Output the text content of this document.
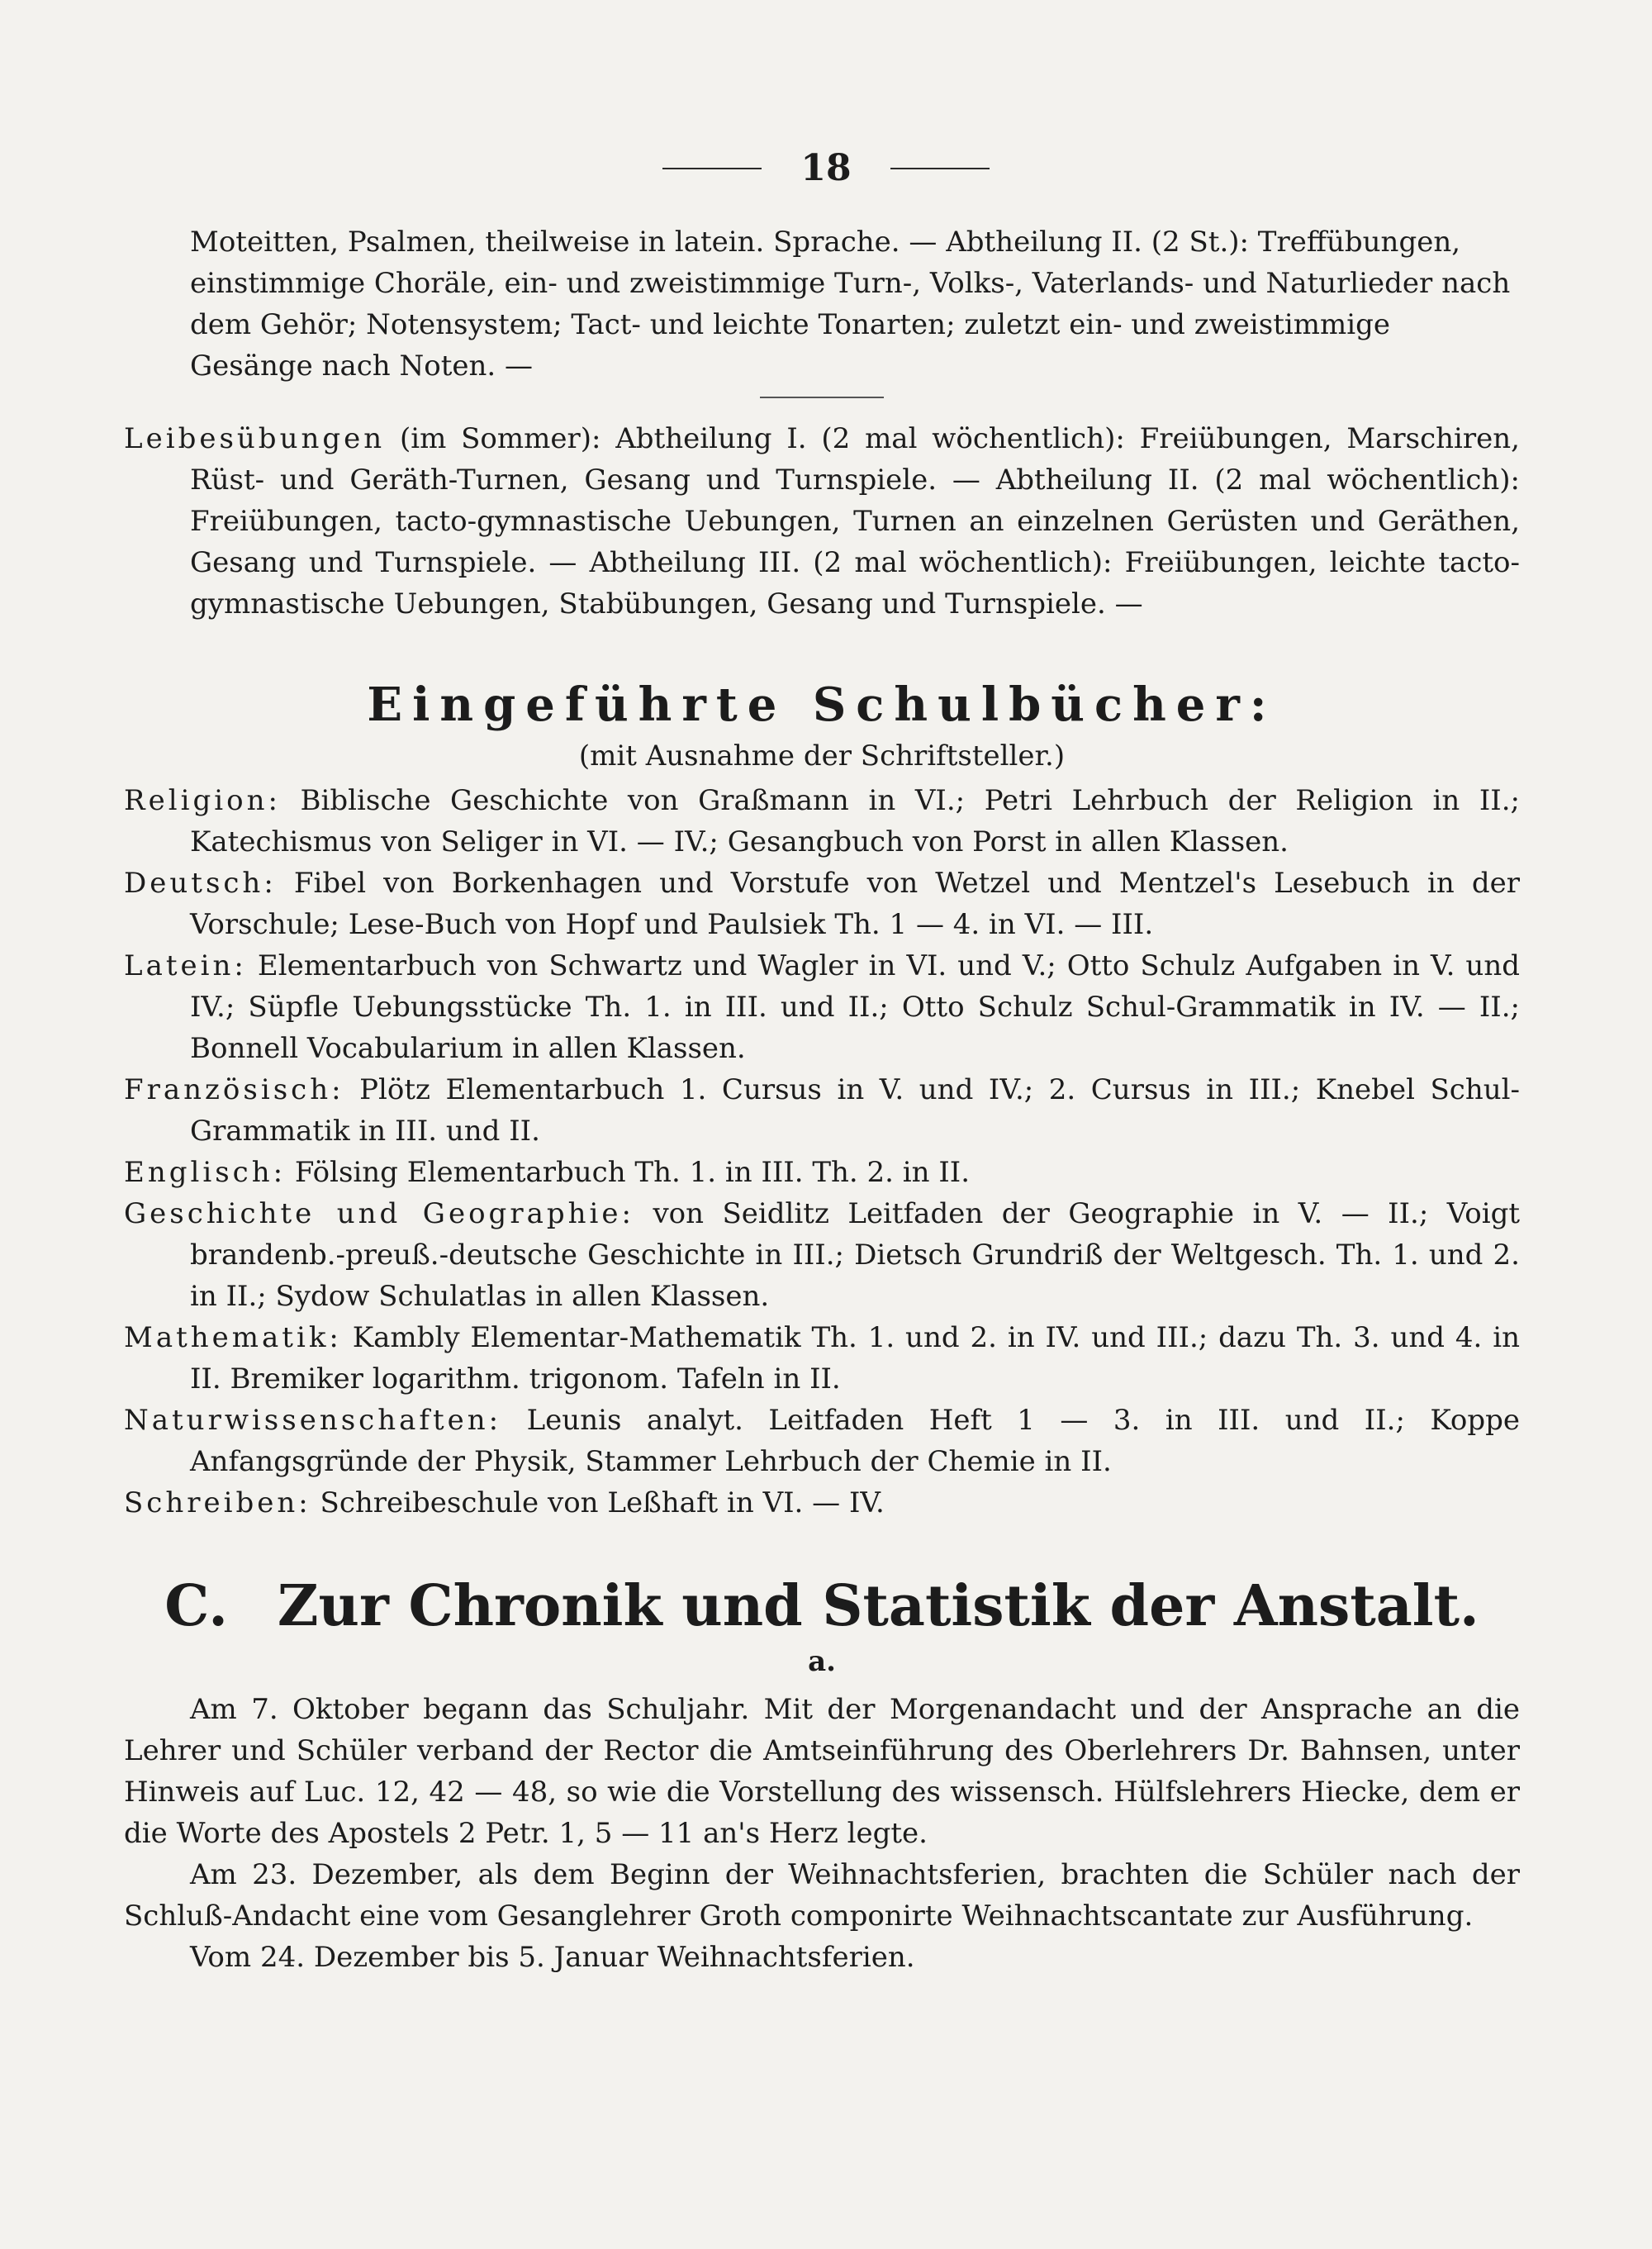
18

Moteitten, Psalmen, theilweise in latein. Sprache. — Abtheilung II. (2 St.): Treffübungen, einstimmige Choräle, ein- und zweistimmige Turn-, Volks-, Vaterlands- und Naturlieder nach dem Gehör; Notensystem; Tact- und leichte Tonarten; zuletzt ein- und zweistimmige Gesänge nach Noten. —

Leibesübungen (im Sommer): Abtheilung I. (2 mal wöchentlich): Freiübungen, Marschiren, Rüst- und Geräth-Turnen, Gesang und Turnspiele. — Abtheilung II. (2 mal wöchentlich): Freiübungen, tacto-gymnastische Uebungen, Turnen an einzelnen Gerüsten und Geräthen, Gesang und Turnspiele. — Abtheilung III. (2 mal wöchentlich): Freiübungen, leichte tacto-gymnastische Uebungen, Stabübungen, Gesang und Turnspiele. —

Eingeführte Schulbücher:
(mit Ausnahme der Schriftsteller.)

Religion: Biblische Geschichte von Graßmann in VI.; Petri Lehrbuch der Religion in II.; Katechismus von Seliger in VI. — IV.; Gesangbuch von Porst in allen Klassen.

Deutsch: Fibel von Borkenhagen und Vorstufe von Wetzel und Mentzel's Lesebuch in der Vorschule; Lese-Buch von Hopf und Paulsiek Th. 1 — 4. in VI. — III.

Latein: Elementarbuch von Schwartz und Wagler in VI. und V.; Otto Schulz Aufgaben in V. und IV.; Süpfle Uebungsstücke Th. 1. in III. und II.; Otto Schulz Schul-Grammatik in IV. — II.; Bonnell Vocabularium in allen Klassen.

Französisch: Plötz Elementarbuch 1. Cursus in V. und IV.; 2. Cursus in III.; Knebel Schul-Grammatik in III. und II.

Englisch: Fölsing Elementarbuch Th. 1. in III. Th. 2. in II.

Geschichte und Geographie: von Seidlitz Leitfaden der Geographie in V. — II.; Voigt brandenb.-preuß.-deutsche Geschichte in III.; Dietsch Grundriß der Weltgesch. Th. 1. und 2. in II.; Sydow Schulatlas in allen Klassen.

Mathematik: Kambly Elementar-Mathematik Th. 1. und 2. in IV. und III.; dazu Th. 3. und 4. in II. Bremiker logarithm. trigonom. Tafeln in II.

Naturwissenschaften: Leunis analyt. Leitfaden Heft 1 — 3. in III. und II.; Koppe Anfangsgründe der Physik, Stammer Lehrbuch der Chemie in II.

Schreiben: Schreibeschule von Leßhaft in VI. — IV.

C. Zur Chronik und Statistik der Anstalt.
a.

Am 7. Oktober begann das Schuljahr. Mit der Morgenandacht und der Ansprache an die Lehrer und Schüler verband der Rector die Amtseinführung des Oberlehrers Dr. Bahnsen, unter Hinweis auf Luc. 12, 42 — 48, so wie die Vorstellung des wissensch. Hülfslehrers Hiecke, dem er die Worte des Apostels 2 Petr. 1, 5 — 11 an's Herz legte.

Am 23. Dezember, als dem Beginn der Weihnachtsferien, brachten die Schüler nach der Schluß-Andacht eine vom Gesanglehrer Groth componirte Weihnachtscantate zur Ausführung.

Vom 24. Dezember bis 5. Januar Weihnachtsferien.
